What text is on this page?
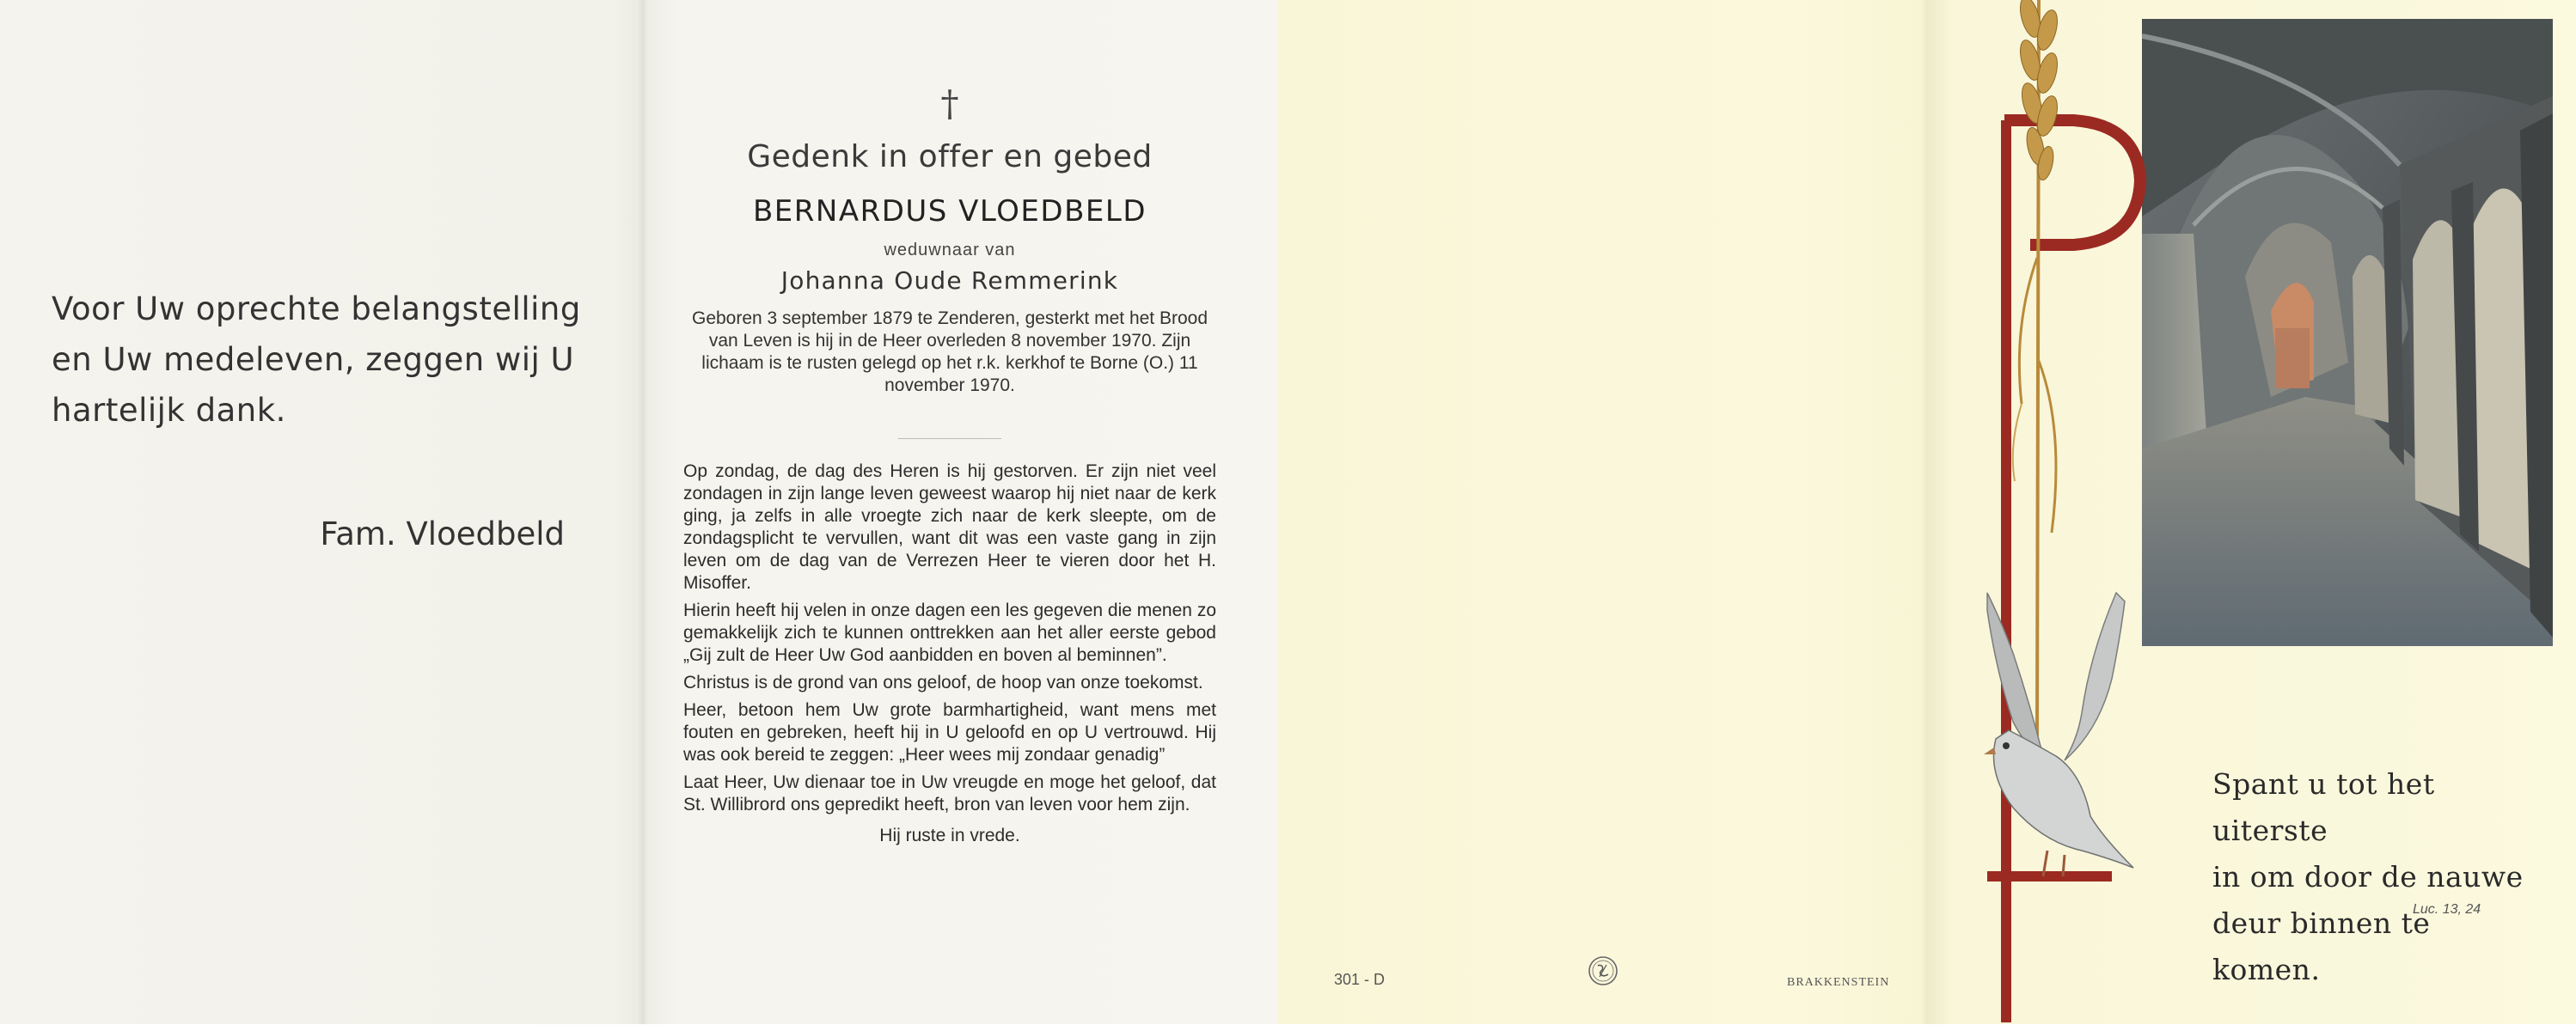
Voor Uw oprechte belangstelling en Uw medeleven, zeggen wij U hartelijk dank.
Fam. Vloedbeld
†
Gedenk in offer en gebed
BERNARDUS VLOEDBELD
weduwnaar van
Johanna Oude Remmerink
Geboren 3 september 1879 te Zenderen, gesterkt met het Brood van Leven is hij in de Heer overleden 8 november 1970. Zijn lichaam is te rusten gelegd op het r.k. kerkhof te Borne (O.) 11 november 1970.

Op zondag, de dag des Heren is hij gestorven. Er zijn niet veel zondagen in zijn lange leven geweest waarop hij niet naar de kerk ging, ja zelfs in alle vroegte zich naar de kerk sleepte, om de zondagsplicht te vervullen, want dit was een vaste gang in zijn leven om de dag van de Verrezen Heer te vieren door het H. Misoffer.

Hierin heeft hij velen in onze dagen een les gegeven die menen zo gemakkelijk zich te kunnen onttrekken aan het aller eerste gebod „Gij zult de Heer Uw God aanbidden en boven al beminnen”.

Christus is de grond van ons geloof, de hoop van onze toekomst.

Heer, betoon hem Uw grote barmhartigheid, want mens met fouten en gebreken, heeft hij in U geloofd en op U vertrouwd. Hij was ook bereid te zeggen: „Heer wees mij zondaar genadig”

Laat Heer, Uw dienaar toe in Uw vreugde en moge het geloof, dat St. Willibrord ons gepredikt heeft, bron van leven voor hem zijn.

Hij ruste in vrede.

301 - D	BRAKKENSTEIN
Spant u tot het uiterste
in om door de nauwe
deur binnen te komen.
Luc. 13, 24
